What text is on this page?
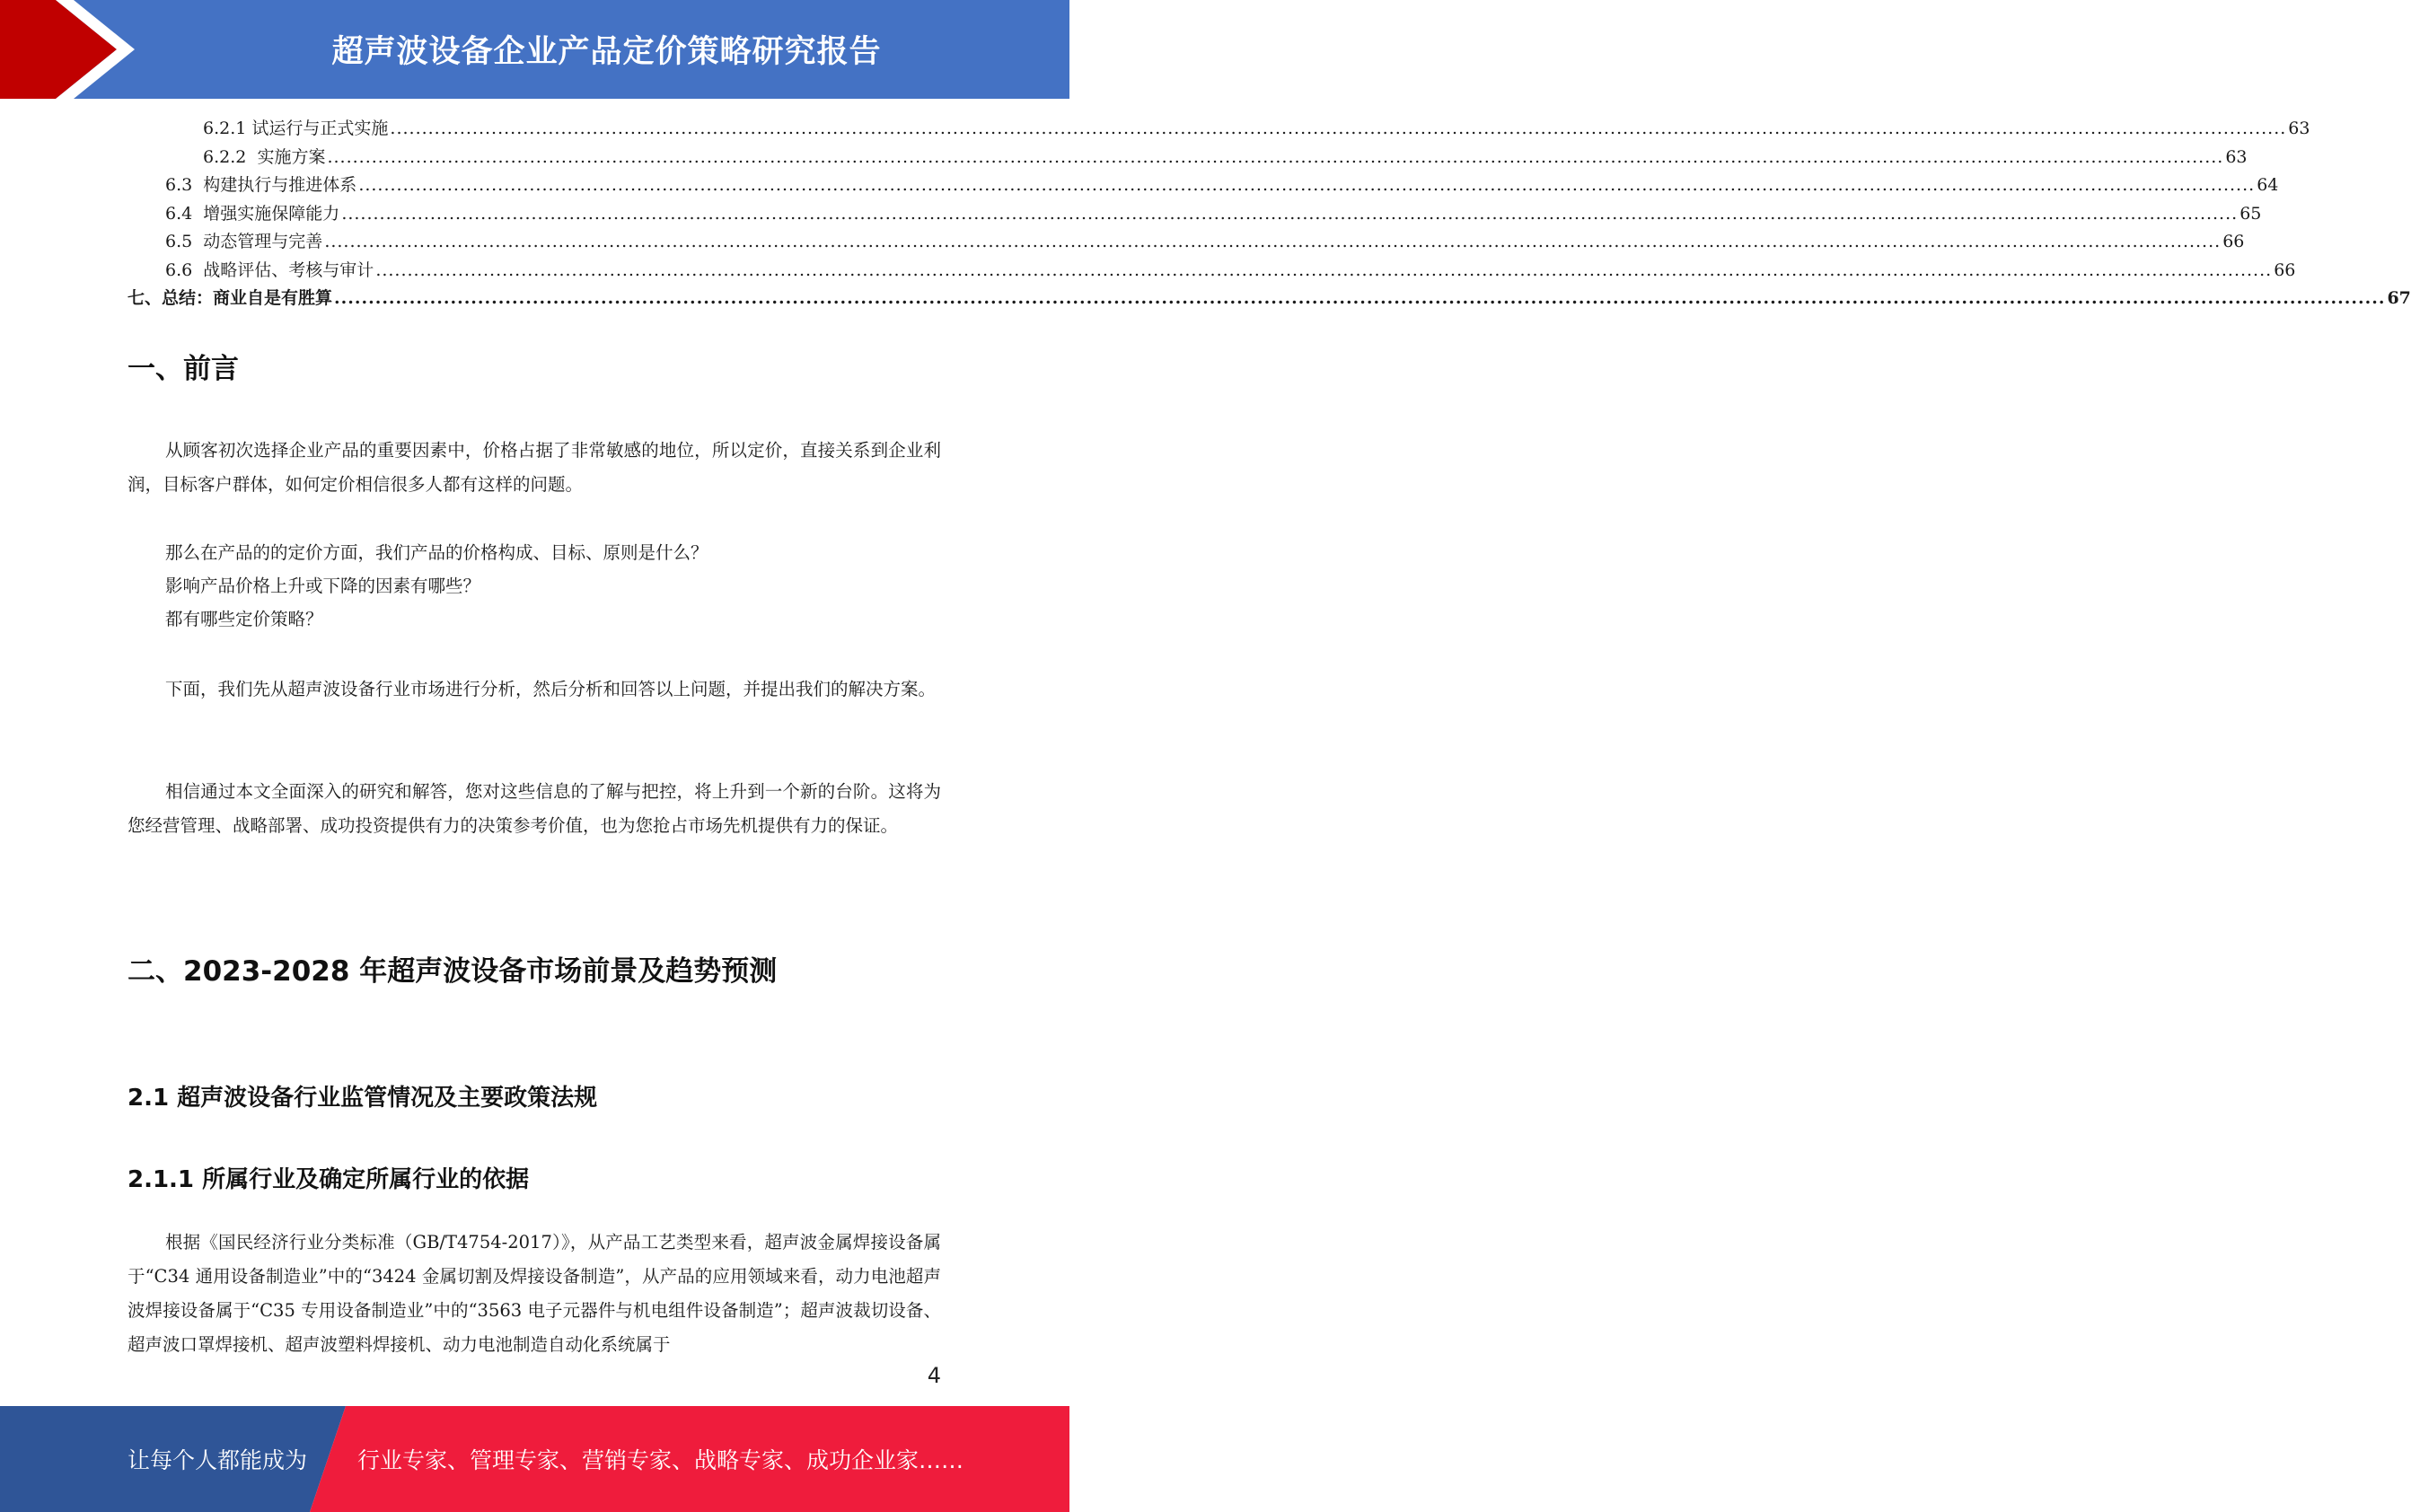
超声波设备企业产品定价策略研究报告
6.2.1 试运行与正式实施 ............................................................................................................................................................................................................................................................................................................ 63
6.2.2 实施方案 ............................................................................................................................................................................................................................................................................................................ 63
6.3 构建执行与推进体系 ............................................................................................................................................................................................................................................................................................................ 64
6.4 增强实施保障能力 ............................................................................................................................................................................................................................................................................................................ 65
6.5 动态管理与完善 ............................................................................................................................................................................................................................................................................................................ 66
6.6 战略评估、考核与审计 ............................................................................................................................................................................................................................................................................................................ 66
七、总结：商业自是有胜算 ............................................................................................................................................................................................................................................................................................................ 67
一、前言
从顾客初次选择企业产品的重要因素中，价格占据了非常敏感的地位，所以定价，直接关系到企业利润，目标客户群体，如何定价相信很多人都有这样的问题。
那么在产品的的定价方面，我们产品的价格构成、目标、原则是什么？
影响产品价格上升或下降的因素有哪些？
都有哪些定价策略？
下面，我们先从超声波设备行业市场进行分析，然后分析和回答以上问题，并提出我们的解决方案。
相信通过本文全面深入的研究和解答，您对这些信息的了解与把控，将上升到一个新的台阶。这将为您经营管理、战略部署、成功投资提供有力的决策参考价值，也为您抢占市场先机提供有力的保证。
二、2023-2028 年超声波设备市场前景及趋势预测
2.1 超声波设备行业监管情况及主要政策法规
2.1.1 所属行业及确定所属行业的依据
根据《国民经济行业分类标准（GB/T4754-2017）》，从产品工艺类型来看，超声波金属焊接设备属于“C34 通用设备制造业”中的“3424 金属切割及焊接设备制造”，从产品的应用领域来看，动力电池超声波焊接设备属于“C35 专用设备制造业”中的“3563 电子元器件与机电组件设备制造”；超声波裁切设备、超声波口罩焊接机、超声波塑料焊接机、动力电池制造自动化系统属于
4
让每个人都能成为 行业专家、管理专家、营销专家、战略专家、成功企业家……
